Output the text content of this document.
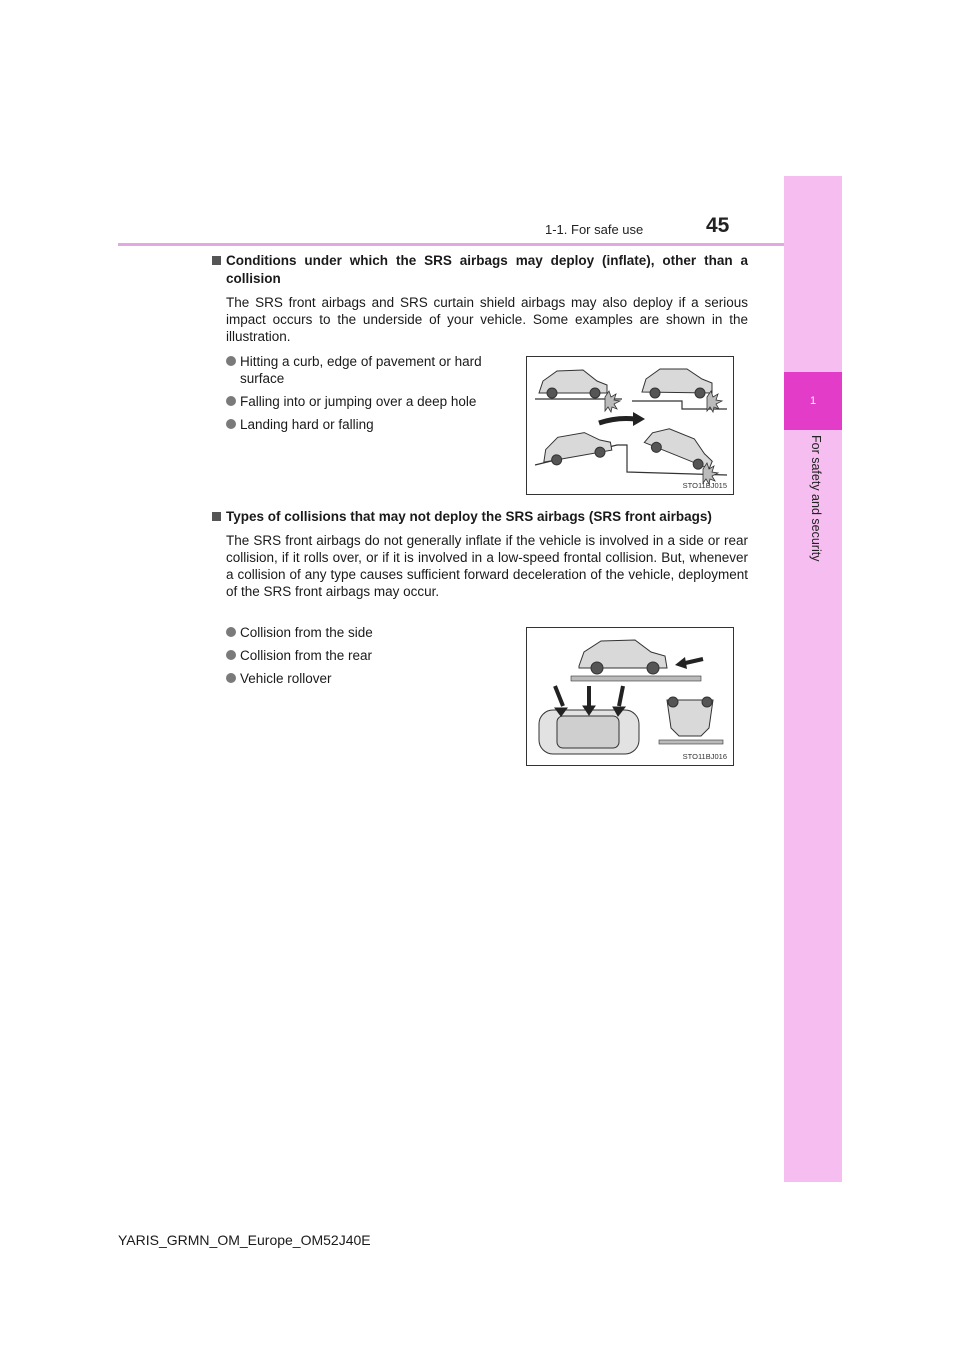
1
For safety and security
1-1. For safe use	45
Conditions under which the SRS airbags may deploy (inflate), other than a collision
The SRS front airbags and SRS curtain shield airbags may also deploy if a serious impact occurs to the underside of your vehicle. Some examples are shown in the illustration.
Hitting a curb, edge of pavement or hard surface
Falling into or jumping over a deep hole
Landing hard or falling
STO11BJ015
Types of collisions that may not deploy the SRS airbags (SRS front airbags)
The SRS front airbags do not generally inflate if the vehicle is involved in a side or rear collision, if it rolls over, or if it is involved in a low-speed frontal collision. But, whenever a collision of any type causes sufficient forward deceleration of the vehicle, deployment of the SRS front airbags may occur.
Collision from the side
Collision from the rear
Vehicle rollover
STO11BJ016
YARIS_GRMN_OM_Europe_OM52J40E
